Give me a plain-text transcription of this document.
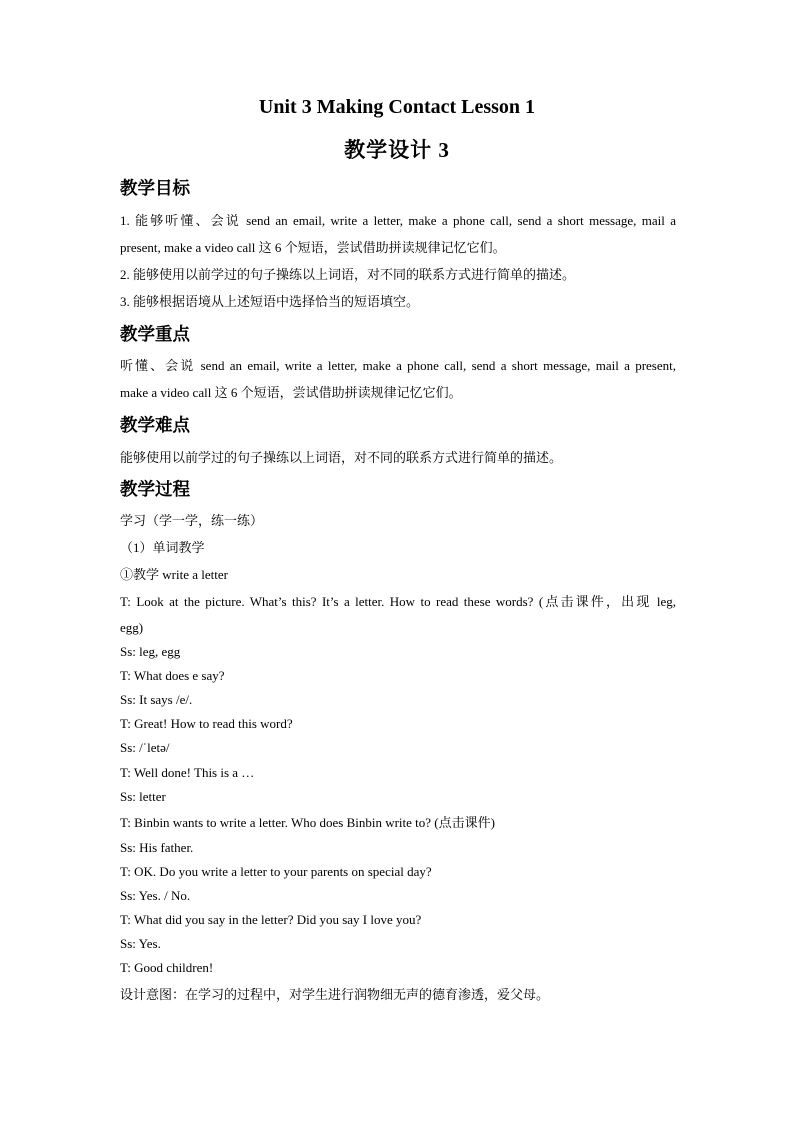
Unit 3 Making Contact Lesson 1
教学设计 3
教学目标
1. 能够听懂、会说 send an email, write a letter, make a phone call, send a short message, mail a
present, make a video call 这 6 个短语，尝试借助拼读规律记忆它们。
2. 能够使用以前学过的句子操练以上词语，对不同的联系方式进行简单的描述。
3. 能够根据语境从上述短语中选择恰当的短语填空。
教学重点
听懂、会说 send an email, write a letter, make a phone call, send a short message, mail a present,
make a video call 这 6 个短语，尝试借助拼读规律记忆它们。
教学难点
能够使用以前学过的句子操练以上词语，对不同的联系方式进行简单的描述。
教学过程
学习（学一学，练一练）
（1）单词教学
①教学 write a letter
T: Look at the picture. What’s this? It’s a letter. How to read these words? (点击课件，出现 leg,
egg)
Ss: leg, egg
T: What does e say?
Ss: It says /e/.
T: Great! How to read this word?
Ss: /ˈletə/
T: Well done! This is a …
Ss: letter
T: Binbin wants to write a letter. Who does Binbin write to? (点击课件)
Ss: His father.
T: OK. Do you write a letter to your parents on special day?
Ss: Yes. / No.
T: What did you say in the letter? Did you say I love you?
Ss: Yes.
T: Good children!
设计意图：在学习的过程中，对学生进行润物细无声的德育渗透，爱父母。
